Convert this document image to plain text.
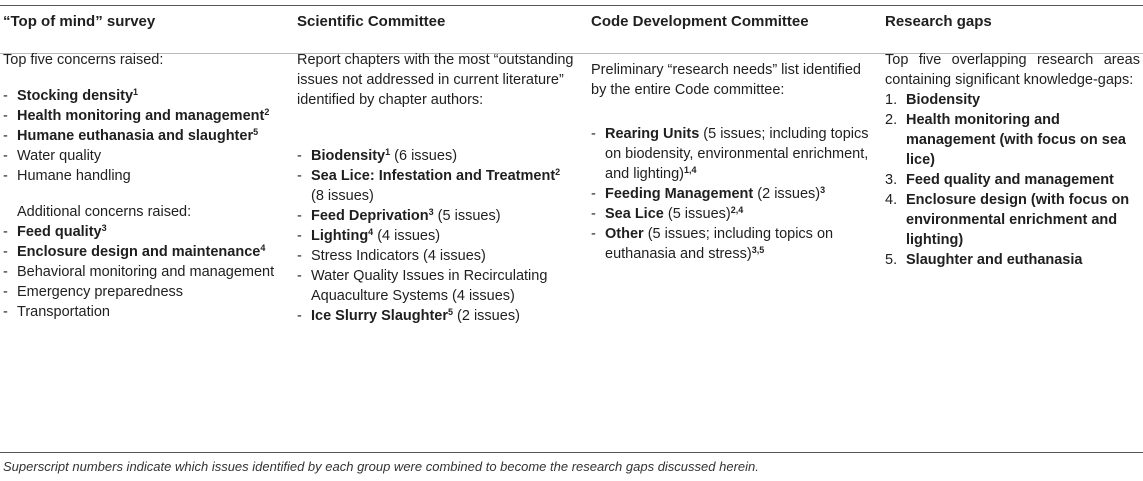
“Top of mind” survey
Top five concerns raised:
- Stocking density$^1$
- Health monitoring and management$^2$
- Humane euthanasia and slaughter$^5$
- Water quality
- Humane handling
Additional concerns raised:
- Feed quality$^3$
- Enclosure design and maintenance$^4$
- Behavioral monitoring and management
- Emergency preparedness
- Transportation
Scientific Committee
Report chapters with the most “outstanding issues not addressed in current literature” identified by chapter authors:
- Biodensity$^1$ (6 issues)
- Sea Lice: Infestation and Treatment$^2$ (8 issues)
- Feed Deprivation$^3$ (5 issues)
- Lighting$^4$ (4 issues)
- Stress Indicators (4 issues)
- Water Quality Issues in Recirculating Aquaculture Systems (4 issues)
- Ice Slurry Slaughter$^5$ (2 issues)
Code Development Committee
Preliminary “research needs” list identified by the entire Code committee:
- Rearing Units (5 issues; including topics on biodensity, environmental enrichment, and lighting)$^{1,4}$
- Feeding Management (2 issues)$^3$
- Sea Lice (5 issues)$^{2,4}$
- Other (5 issues; including topics on euthanasia and stress)$^{3,5}$
Research gaps
Top five overlapping research areas containing significant knowledge-gaps:
1. Biodensity
2. Health monitoring and management (with focus on sea lice)
3. Feed quality and management
4. Enclosure design (with focus on environmental enrichment and lighting)
5. Slaughter and euthanasia
Superscript numbers indicate which issues identified by each group were combined to become the research gaps discussed herein.
